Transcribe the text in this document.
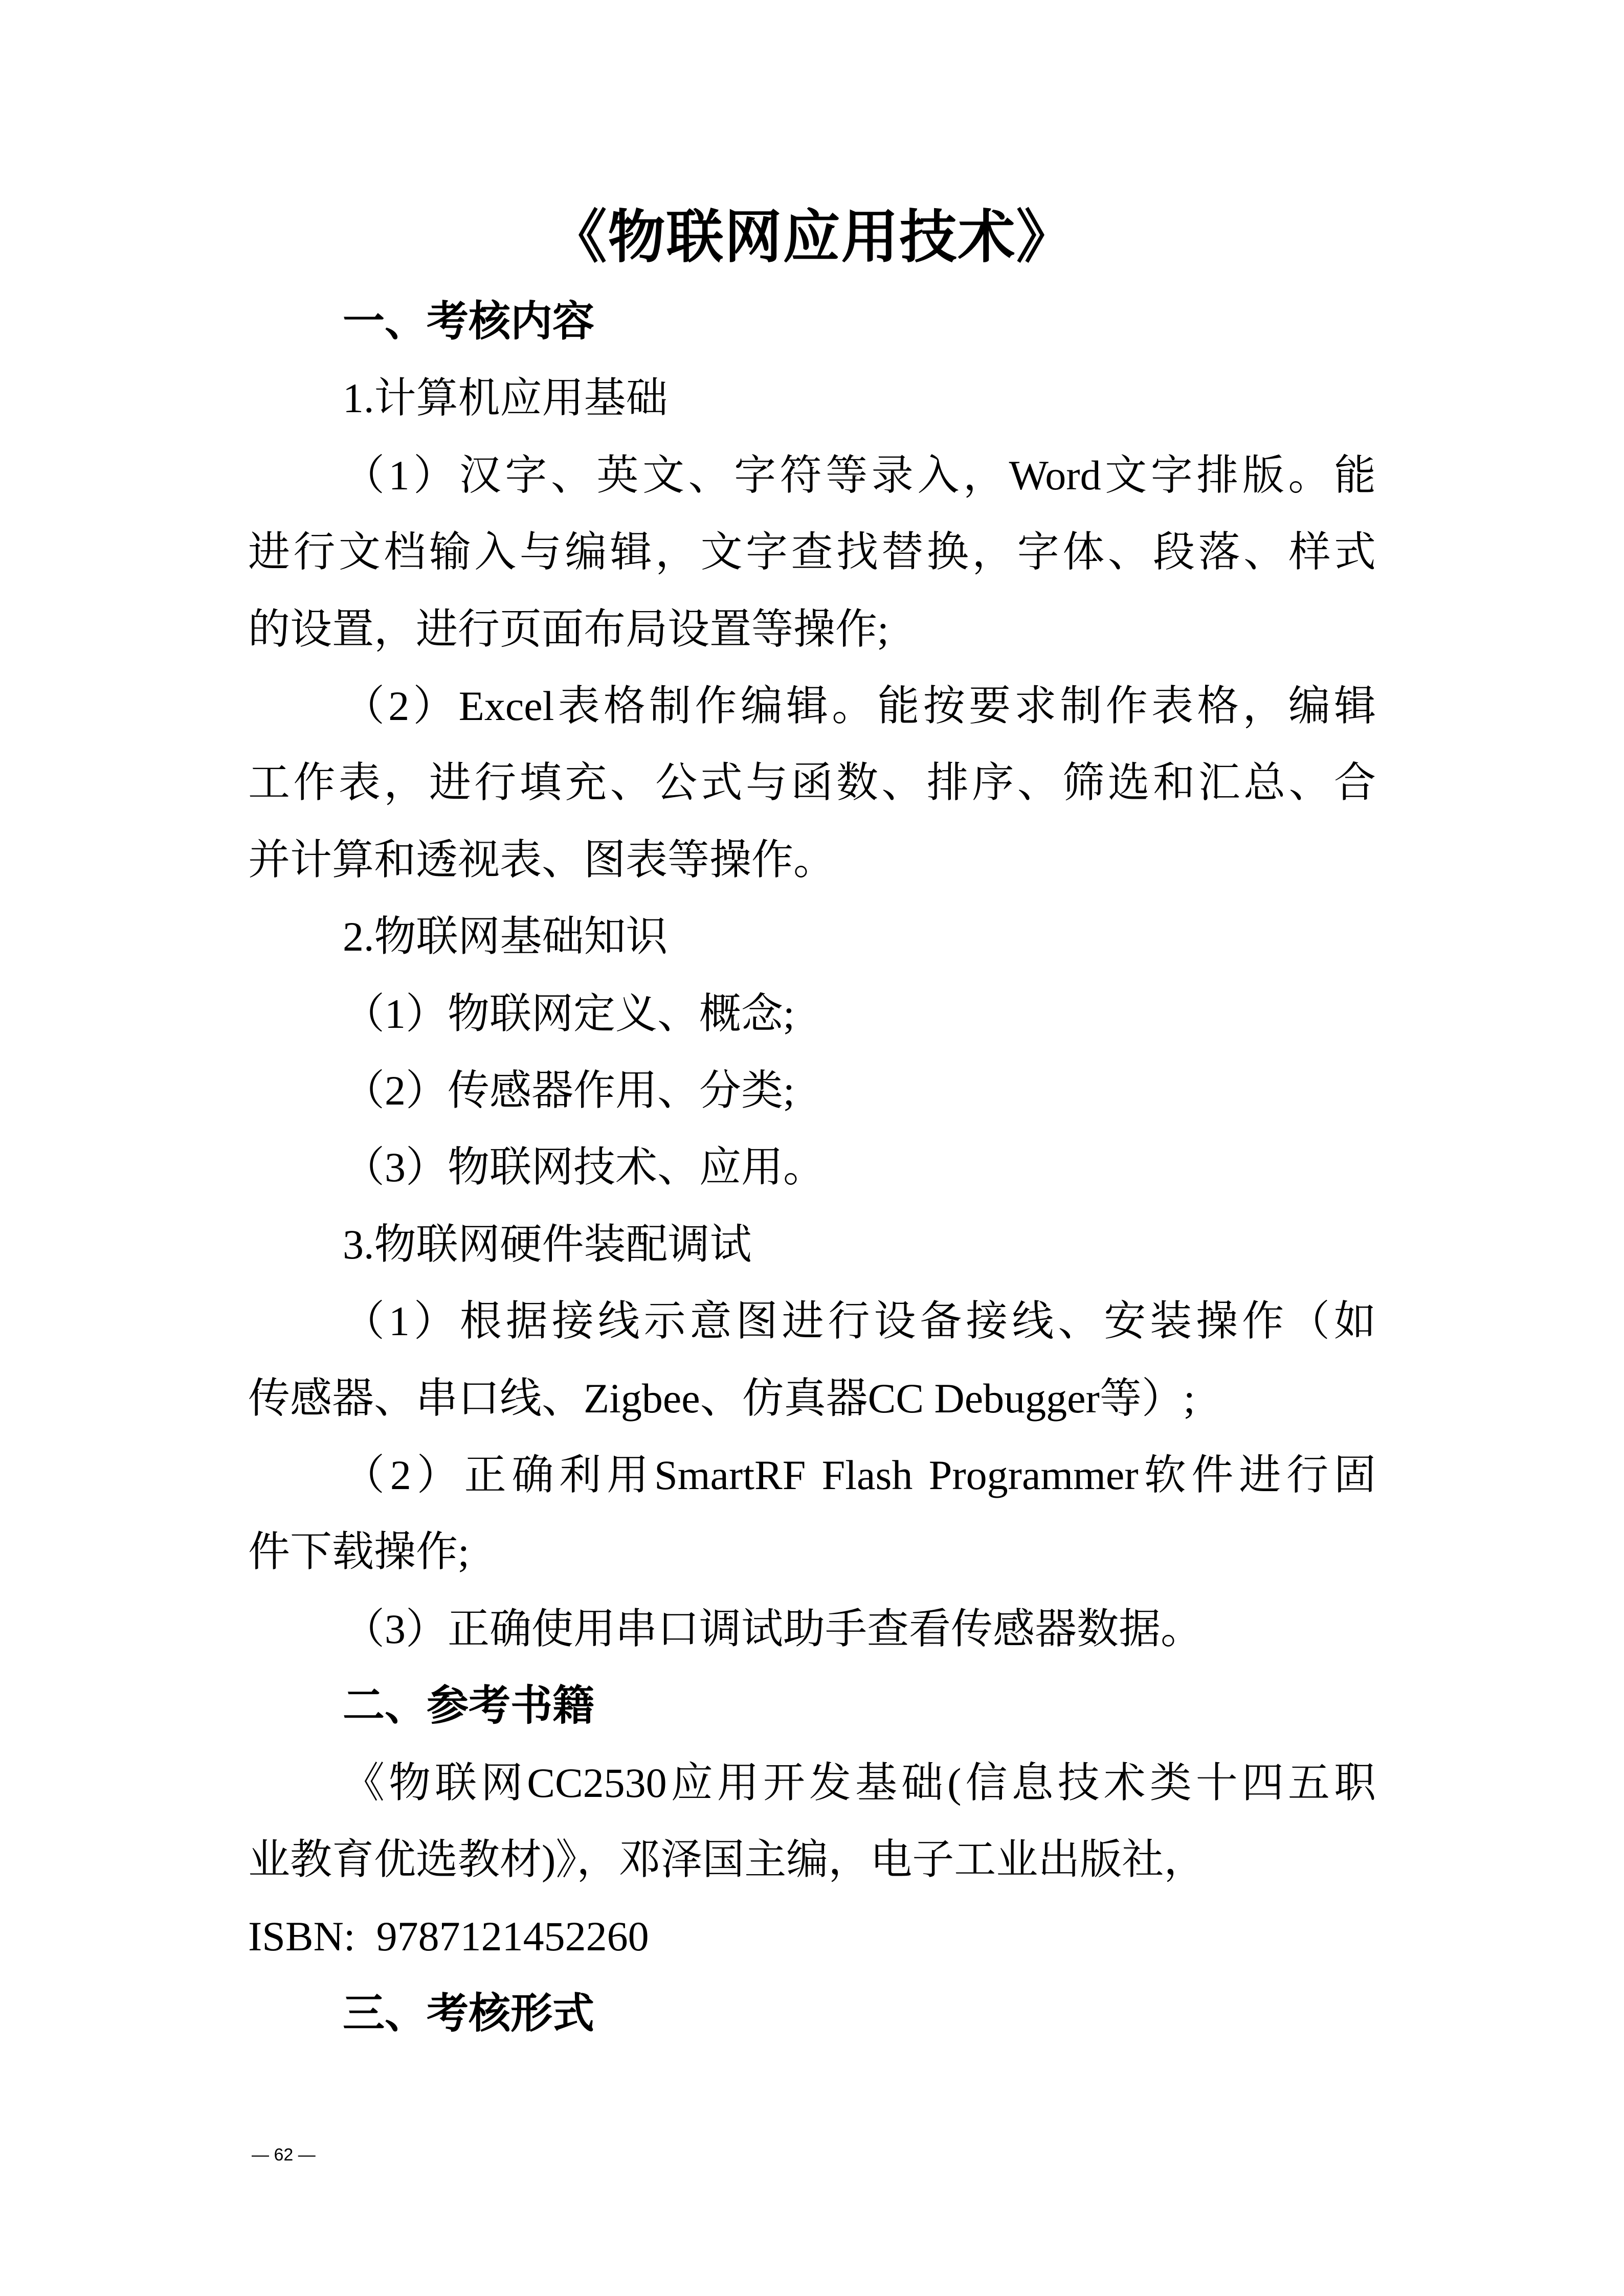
《物联网应用技术》
一、考核内容
1.计算机应用基础
（1）汉字、英文、字符等录入，Word文字排版。能
进行文档输入与编辑，文字查找替换，字体、段落、样式
的设置，进行页面布局设置等操作;
（2）Excel表格制作编辑。能按要求制作表格，编辑
工作表，进行填充、公式与函数、排序、筛选和汇总、合
并计算和透视表、图表等操作。
2.物联网基础知识
（1）物联网定义、概念;
（2）传感器作用、分类;
（3）物联网技术、应用。
3.物联网硬件装配调试
（1）根据接线示意图进行设备接线、安装操作（如
传感器、串口线、Zigbee、仿真器CC Debugger等）;
（2）正确利用SmartRF Flash Programmer软件进行固
件下载操作;
（3）正确使用串口调试助手查看传感器数据。
二、参考书籍
《物联网CC2530应用开发基础(信息技术类十四五职
业教育优选教材)》，邓泽国主编，电子工业出版社，
ISBN:  9787121452260
三、考核形式
— 62 —
